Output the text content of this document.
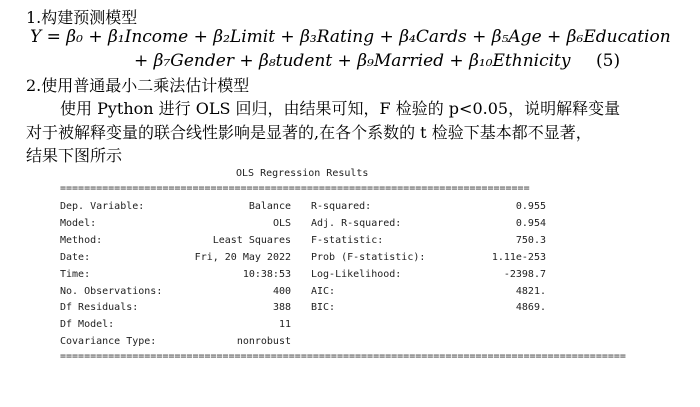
1.构建预测模型
Y = β₀ + β₁Income + β₂Limit + β₃Rating + β₄Cards + β₅Age + β₆Education
+ β₇Gender + β₈tudent + β₉Married + β₁₀Ethnicity (5)
2.使用普通最小二乘法估计模型
使用 Python 进行 OLS 回归，由结果可知，F 检验的 p<0.05，说明解释变量
对于被解释变量的联合线性影响是显著的,在各个系数的 t 检验下基本都不显著，
结果下图所示
OLS Regression Results
==============================================================================
Dep. Variable:	Balance R-squared:	0.955
Model:	OLS Adj. R-squared:	0.954
Method:	Least Squares F-statistic:	750.3
Date:	Fri, 20 May 2022 Prob (F-statistic):	1.11e-253
Time:	10:38:53 Log-Likelihood:	-2398.7
No. Observations:	400 AIC:	4821.
Df Residuals:	388 BIC:	4869.
Df Model:	11
Covariance Type:	nonrobust
==============================================================================================
